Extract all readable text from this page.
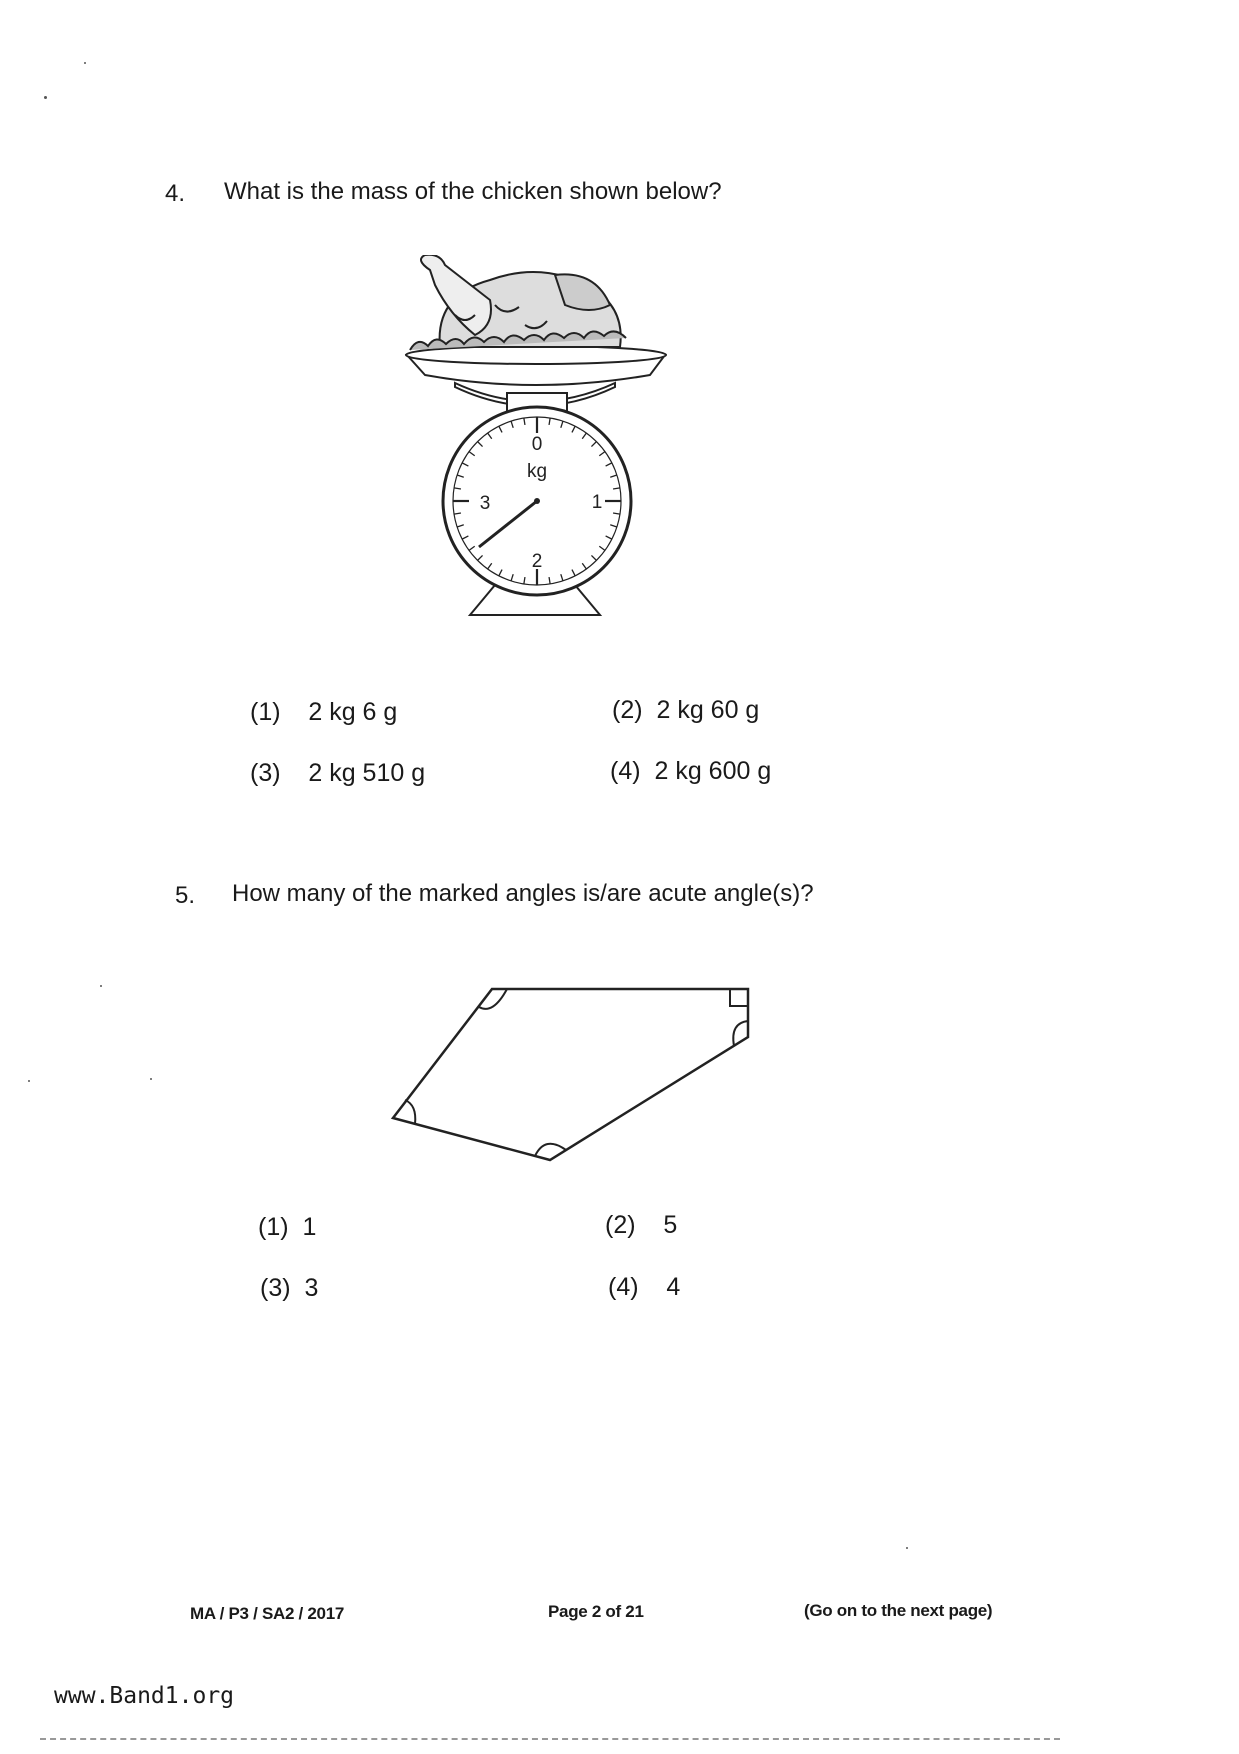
4. What is the mass of the chicken shown below?
0
kg
1
2
3
(1) 2 kg 6 g	(2) 2 kg 60 g
(3) 2 kg 510 g	(4) 2 kg 600 g
5. How many of the marked angles is/are acute angle(s)?
(1) 1	(2) 5
(3) 3	(4) 4
MA / P3 / SA2 / 2017	Page 2 of 21	(Go on to the next page)
www.Band1.org
